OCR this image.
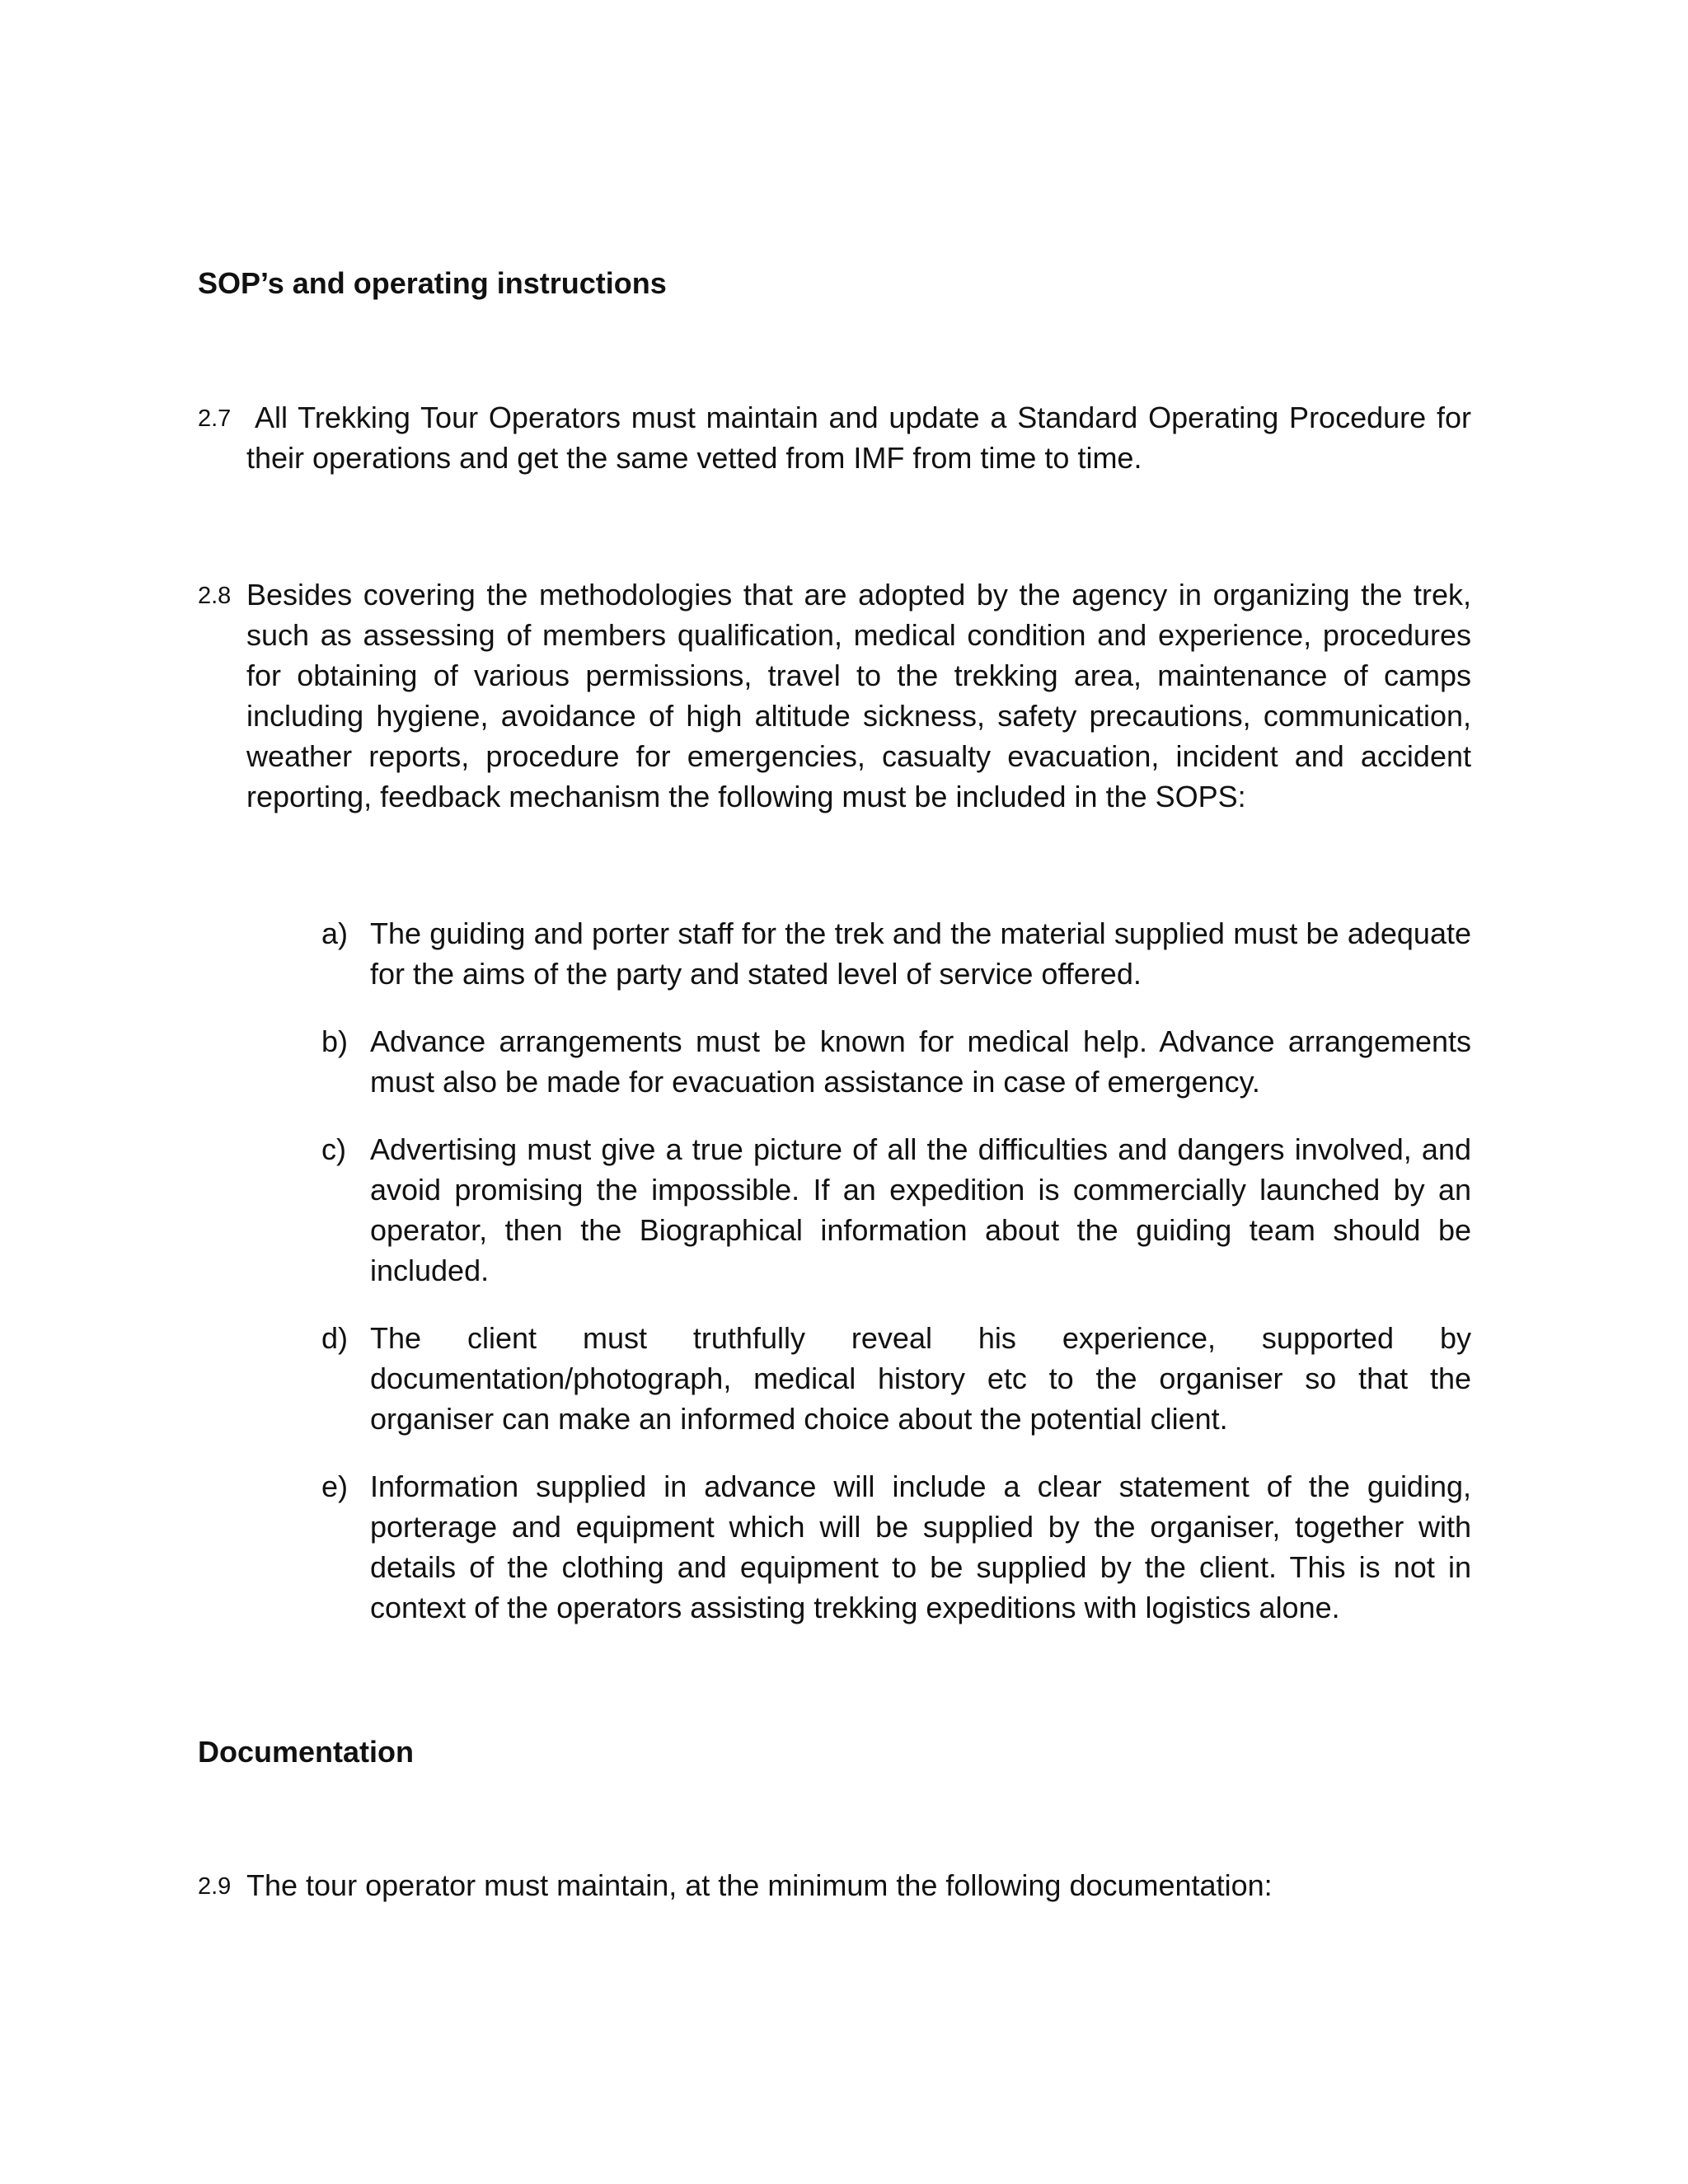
SOP’s and operating instructions
2.7 All Trekking Tour Operators must maintain and update a Standard Operating Procedure for their operations and get the same vetted from IMF from time to time.
2.8 Besides covering the methodologies that are adopted by the agency in organizing the trek, such as assessing of members qualification, medical condition and experience, procedures for obtaining of various permissions, travel to the trekking area, maintenance of camps including hygiene, avoidance of high altitude sickness, safety precautions, communication, weather reports, procedure for emergencies, casualty evacuation, incident and accident reporting, feedback mechanism the following must be included in the SOPS:
a) The guiding and porter staff for the trek and the material supplied must be adequate for the aims of the party and stated level of service offered.
b) Advance arrangements must be known for medical help. Advance arrangements must also be made for evacuation assistance in case of emergency.
c) Advertising must give a true picture of all the difficulties and dangers involved, and avoid promising the impossible. If an expedition is commercially launched by an operator, then the Biographical information about the guiding team should be included.
d) The client must truthfully reveal his experience, supported by documentation/photograph, medical history etc to the organiser so that the organiser can make an informed choice about the potential client.
e) Information supplied in advance will include a clear statement of the guiding, porterage and equipment which will be supplied by the organiser, together with details of the clothing and equipment to be supplied by the client. This is not in context of the operators assisting trekking expeditions with logistics alone.
Documentation
2.9 The tour operator must maintain, at the minimum the following documentation:
